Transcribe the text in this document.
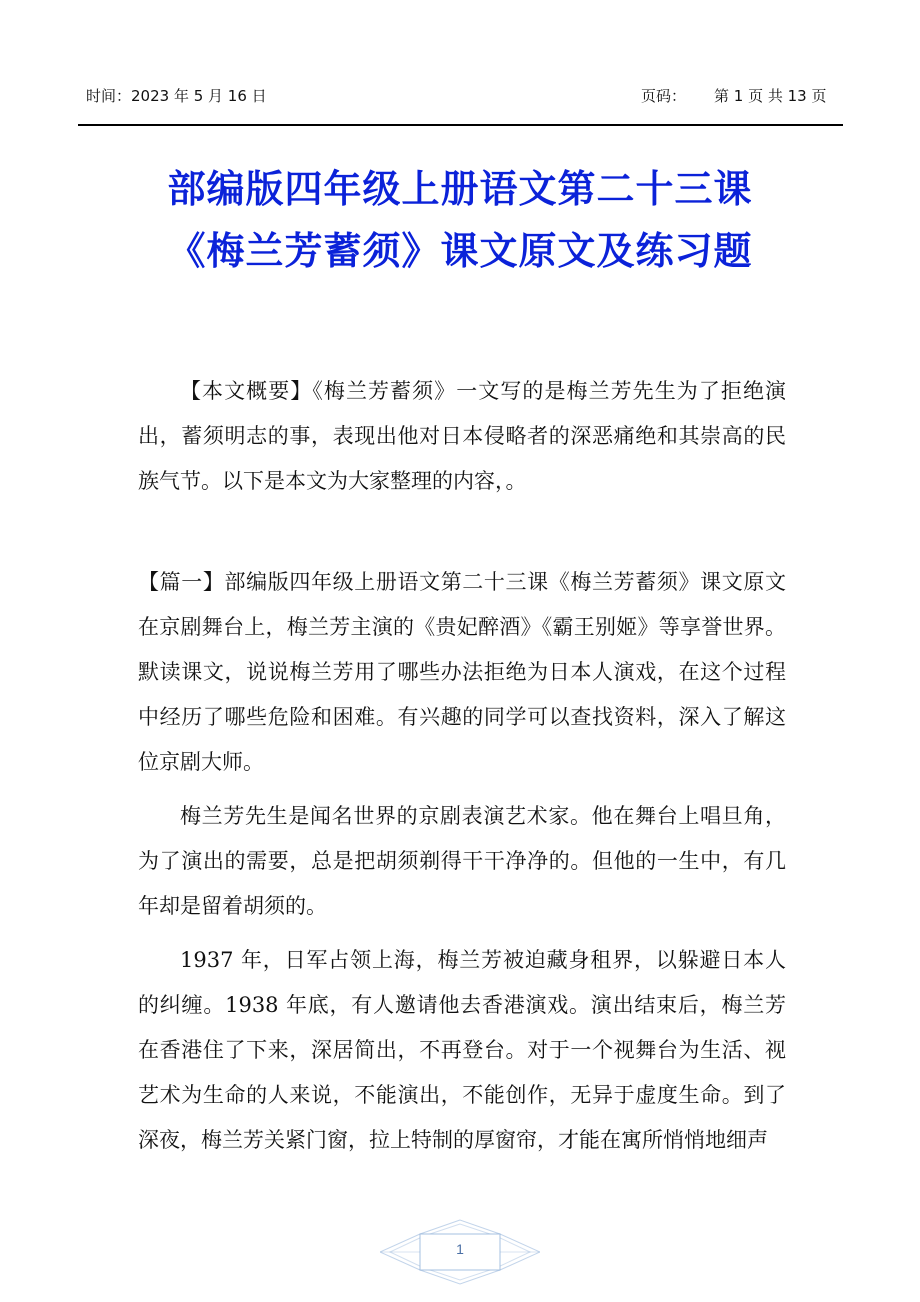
时间：2023 年 5 月 16 日	页码： 第 1 页 共 13 页
部编版四年级上册语文第二十三课
《梅兰芳蓄须》课文原文及练习题

【本文概要】《梅兰芳蓄须》一文写的是梅兰芳先生为了拒绝演出，蓄须明志的事，表现出他对日本侵略者的深恶痛绝和其崇高的民族气节。以下是本文为大家整理的内容，。

【篇一】部编版四年级上册语文第二十三课《梅兰芳蓄须》课文原文　　在京剧舞台上，梅兰芳主演的《贵妃醉酒》《霸王别姬》等享誉世界。默读课文，说说梅兰芳用了哪些办法拒绝为日本人演戏，在这个过程中经历了哪些危险和困难。有兴趣的同学可以查找资料，深入了解这位京剧大师。

梅兰芳先生是闻名世界的京剧表演艺术家。他在舞台上唱旦角，为了演出的需要，总是把胡须剃得干干净净的。但他的一生中，有几年却是留着胡须的。

1937 年，日军占领上海，梅兰芳被迫藏身租界，以躲避日本人的纠缠。1938 年底，有人邀请他去香港演戏。演出结束后，梅兰芳在香港住了下来，深居简出，不再登台。对于一个视舞台为生活、视艺术为生命的人来说，不能演出，不能创作，无异于虚度生命。到了深夜，梅兰芳关紧门窗，拉上特制的厚窗帘，才能在寓所悄悄地细声

1
